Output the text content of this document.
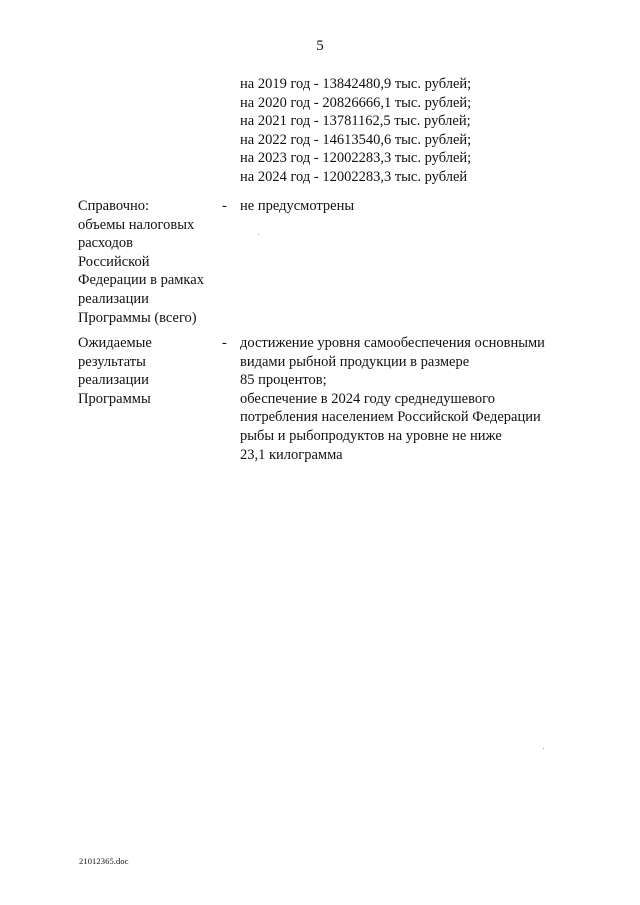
5
на 2019 год - 13842480,9 тыс. рублей;
на 2020 год - 20826666,1 тыс. рублей;
на 2021 год - 13781162,5 тыс. рублей;
на 2022 год - 14613540,6 тыс. рублей;
на 2023 год - 12002283,3 тыс. рублей;
на 2024 год - 12002283,3 тыс. рублей
Справочно:
объемы налоговых
расходов
Российской
Федерации в рамках
реализации
Программы (всего)
- не предусмотрены
Ожидаемые
результаты
реализации
Программы
- достижение уровня самообеспечения основными
видами рыбной продукции в размере
85 процентов;
обеспечение в 2024 году среднедушевого
потребления населением Российской Федерации
рыбы и рыбопродуктов на уровне не ниже
23,1 килограмма
21012365.doc
